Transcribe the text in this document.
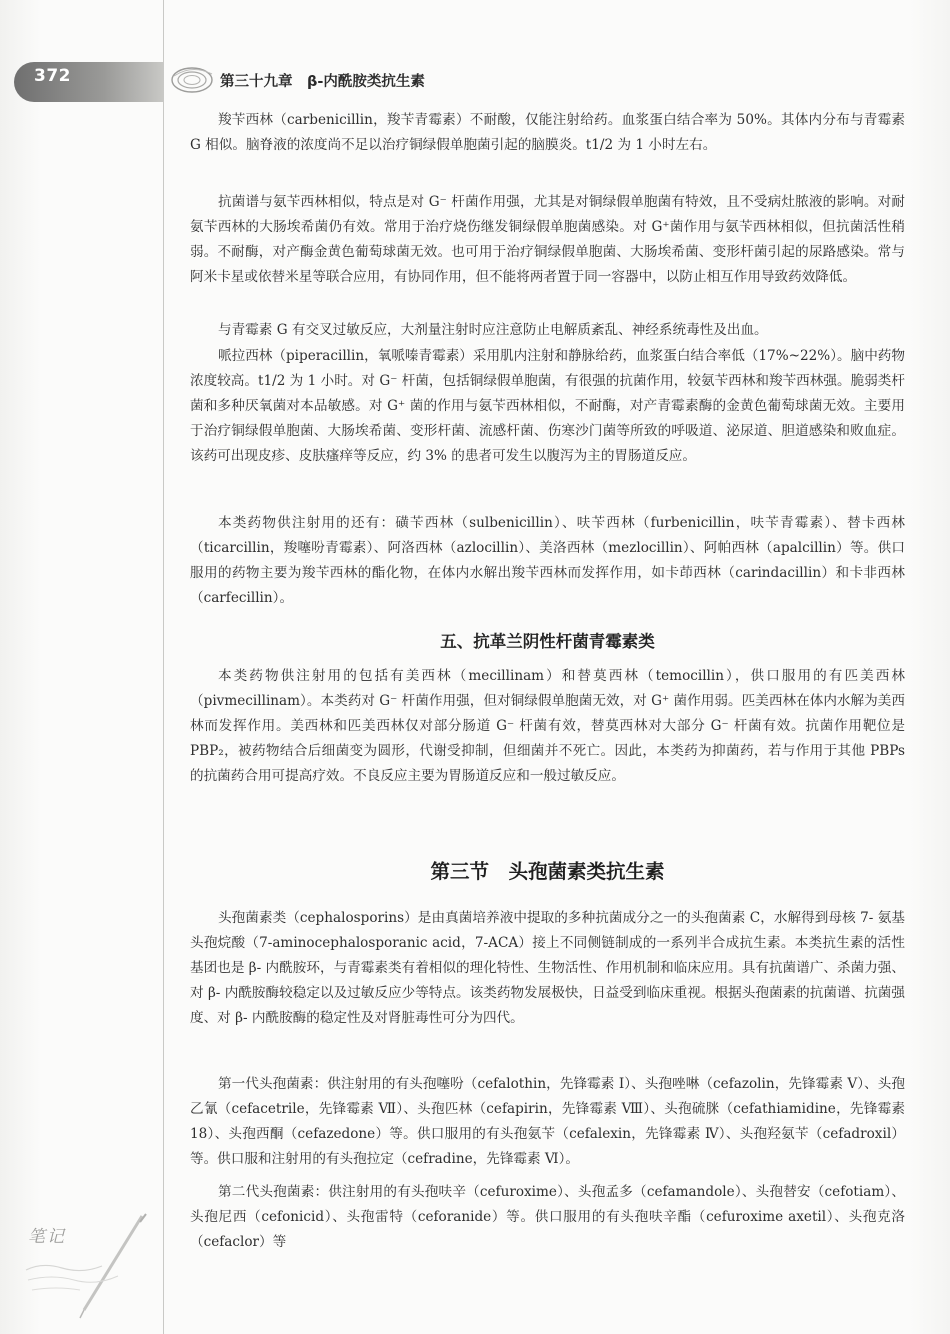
372	第三十九章　β-内酰胺类抗生素

羧苄西林（carbenicillin，羧苄青霉素）不耐酸，仅能注射给药。血浆蛋白结合率为 50%。其体内分布与青霉素 G 相似。脑脊液的浓度尚不足以治疗铜绿假单胞菌引起的脑膜炎。t1/2 为 1 小时左右。

抗菌谱与氨苄西林相似，特点是对 G⁻ 杆菌作用强，尤其是对铜绿假单胞菌有特效，且不受病灶脓液的影响。对耐氨苄西林的大肠埃希菌仍有效。常用于治疗烧伤继发铜绿假单胞菌感染。对 G⁺菌作用与氨苄西林相似，但抗菌活性稍弱。不耐酶，对产酶金黄色葡萄球菌无效。也可用于治疗铜绿假单胞菌、大肠埃希菌、变形杆菌引起的尿路感染。常与阿米卡星或依替米星等联合应用，有协同作用，但不能将两者置于同一容器中，以防止相互作用导致药效降低。

与青霉素 G 有交叉过敏反应，大剂量注射时应注意防止电解质紊乱、神经系统毒性及出血。

哌拉西林（piperacillin，氧哌嗪青霉素）采用肌内注射和静脉给药，血浆蛋白结合率低（17%~22%）。脑中药物浓度较高。t1/2 为 1 小时。对 G⁻ 杆菌，包括铜绿假单胞菌，有很强的抗菌作用，较氨苄西林和羧苄西林强。脆弱类杆菌和多种厌氧菌对本品敏感。对 G⁺ 菌的作用与氨苄西林相似，不耐酶，对产青霉素酶的金黄色葡萄球菌无效。主要用于治疗铜绿假单胞菌、大肠埃希菌、变形杆菌、流感杆菌、伤寒沙门菌等所致的呼吸道、泌尿道、胆道感染和败血症。该药可出现皮疹、皮肤瘙痒等反应，约 3% 的患者可发生以腹泻为主的胃肠道反应。

本类药物供注射用的还有：磺苄西林（sulbenicillin）、呋苄西林（furbenicillin，呋苄青霉素）、替卡西林（ticarcillin，羧噻吩青霉素）、阿洛西林（azlocillin）、美洛西林（mezlocillin）、阿帕西林（apalcillin）等。供口服用的药物主要为羧苄西林的酯化物，在体内水解出羧苄西林而发挥作用，如卡茚西林（carindacillin）和卡非西林（carfecillin）。

五、抗革兰阴性杆菌青霉素类

本类药物供注射用的包括有美西林（mecillinam）和替莫西林（temocillin），供口服用的有匹美西林（pivmecillinam）。本类药对 G⁻ 杆菌作用强，但对铜绿假单胞菌无效，对 G⁺ 菌作用弱。匹美西林在体内水解为美西林而发挥作用。美西林和匹美西林仅对部分肠道 G⁻ 杆菌有效，替莫西林对大部分 G⁻ 杆菌有效。抗菌作用靶位是 PBP₂，被药物结合后细菌变为圆形，代谢受抑制，但细菌并不死亡。因此，本类药为抑菌药，若与作用于其他 PBPs 的抗菌药合用可提高疗效。不良反应主要为胃肠道反应和一般过敏反应。

第三节　头孢菌素类抗生素

头孢菌素类（cephalosporins）是由真菌培养液中提取的多种抗菌成分之一的头孢菌素 C，水解得到母核 7- 氨基头孢烷酸（7-aminocephalosporanic acid，7-ACA）接上不同侧链制成的一系列半合成抗生素。本类抗生素的活性基团也是 β- 内酰胺环，与青霉素类有着相似的理化特性、生物活性、作用机制和临床应用。具有抗菌谱广、杀菌力强、对 β- 内酰胺酶较稳定以及过敏反应少等特点。该类药物发展极快，日益受到临床重视。根据头孢菌素的抗菌谱、抗菌强度、对 β- 内酰胺酶的稳定性及对肾脏毒性可分为四代。

第一代头孢菌素：供注射用的有头孢噻吩（cefalothin，先锋霉素 Ⅰ）、头孢唑啉（cefazolin，先锋霉素 Ⅴ）、头孢乙氰（cefacetrile，先锋霉素 Ⅶ）、头孢匹林（cefapirin，先锋霉素 Ⅷ）、头孢硫脒（cefathiamidine，先锋霉素 18）、头孢西酮（cefazedone）等。供口服用的有头孢氨苄（cefalexin，先锋霉素 Ⅳ）、头孢羟氨苄（cefadroxil）等。供口服和注射用的有头孢拉定（cefradine，先锋霉素 Ⅵ）。

第二代头孢菌素：供注射用的有头孢呋辛（cefuroxime）、头孢孟多（cefamandole）、头孢替安（cefotiam）、头孢尼西（cefonicid）、头孢雷特（ceforanide）等。供口服用的有头孢呋辛酯（cefuroxime axetil）、头孢克洛（cefaclor）等

笔记
